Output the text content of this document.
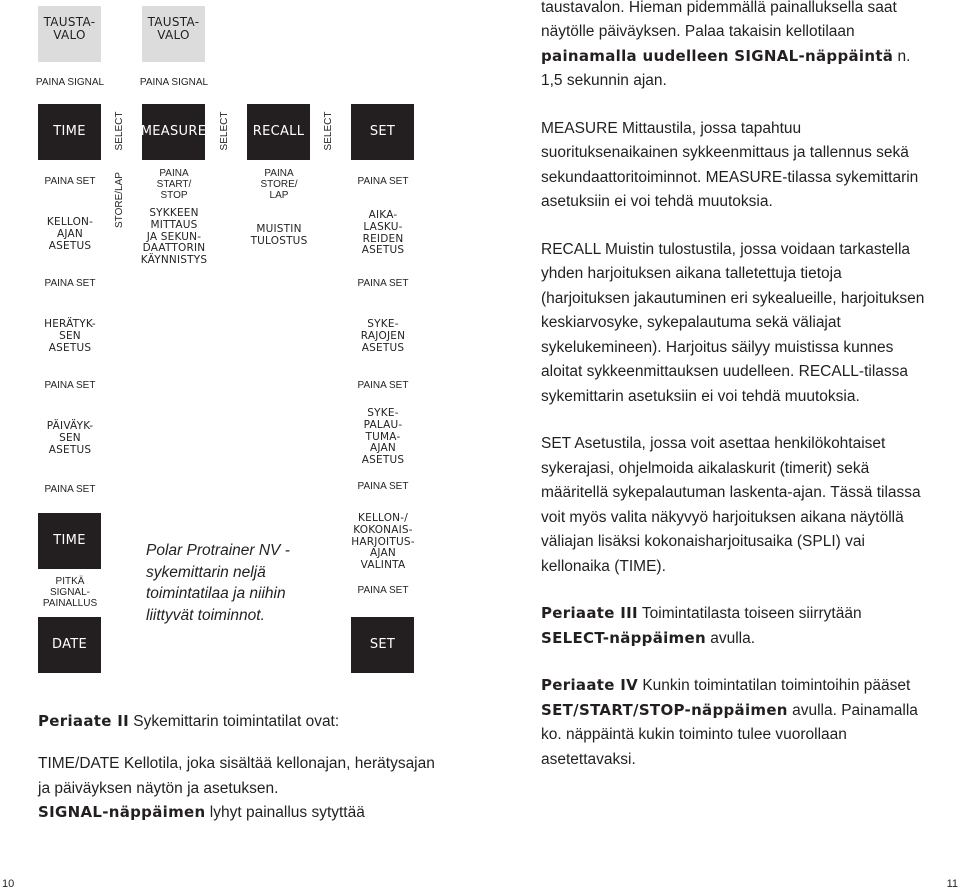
TAUSTA-
VALO
TAUSTA-
VALO
PAINA SIGNAL	PAINA SIGNAL
TIME	SELECT MEASURE SELECT	RECALL	SELECT	SET
STORE/LAP
PAINA SET
KELLON-
AJAN
ASETUS
PAINA SET
HERÄTYK-
SEN
ASETUS
PAINA SET
PÄIVÄYK-
SEN
ASETUS
PAINA SET
TIME
PITKÄ
SIGNAL-
PAINALLUS
DATE
PAINA
START/
STOP
SYKKEEN
MITTAUS
JA SEKUN-
DAATTORIN
KÄYNNISTYS
PAINA
STORE/
LAP
MUISTIN
TULOSTUS
PAINA SET
AIKA-
LASKU-
REIDEN
ASETUS
PAINA SET
SYKE-
RAJOJEN
ASETUS
PAINA SET
SYKE-
PALAU-
TUMA-
AJAN
ASETUS
PAINA SET
KELLON-/
KOKONAIS-
HARJOITUS-
AJAN
VALINTA
PAINA SET
SET
Polar Protrainer NV -sykemittarin neljä toimintatilaa ja niihin liittyvät toiminnot.

Periaate II Sykemittarin toimintatilat ovat:

TIME/DATE Kellotila, joka sisältää kellonajan, herätysajan ja päiväyksen näytön ja asetuksen.

SIGNAL-näppäimen lyhyt painallus sytyttää

taustavalon. Hieman pidemmällä painalluksella saat näytölle päiväyksen. Palaa takaisin kellotilaan painamalla uudelleen SIGNAL-näppäintä n. 1,5 sekunnin ajan.

MEASURE Mittaustila, jossa tapahtuu suorituksenaikainen sykkeenmittaus ja tallennus sekä sekundaattoritoiminnot. MEASURE-tilassa sykemittarin asetuksiin ei voi tehdä muutoksia.

RECALL Muistin tulostustila, jossa voidaan tarkastella yhden harjoituksen aikana talletettuja tietoja (harjoituksen jakautuminen eri sykealueille, harjoituksen keskiarvosyke, sykepalautuma sekä väliajat sykelukemineen). Harjoitus säilyy muistissa kunnes aloitat sykkeenmittauksen uudelleen. RECALL-tilassa sykemittarin asetuksiin ei voi tehdä muutoksia.

SET Asetustila, jossa voit asettaa henkilökohtaiset sykerajasi, ohjelmoida aikalaskurit (timerit) sekä määritellä sykepalautuman laskenta-ajan. Tässä tilassa voit myös valita näkyvyö harjoituksen aikana näytöllä väliajan lisäksi kokonaisharjoitusaika (SPLI) vai kellonaika (TIME).

Periaate III Toimintatilasta toiseen siirrytään SELECT-näppäimen avulla.

Periaate IV Kunkin toimintatilan toimintoihin pääset SET/START/STOP-näppäimen avulla. Painamalla ko. näppäintä kukin toiminto tulee vuorollaan asetettavaksi.

10	11
